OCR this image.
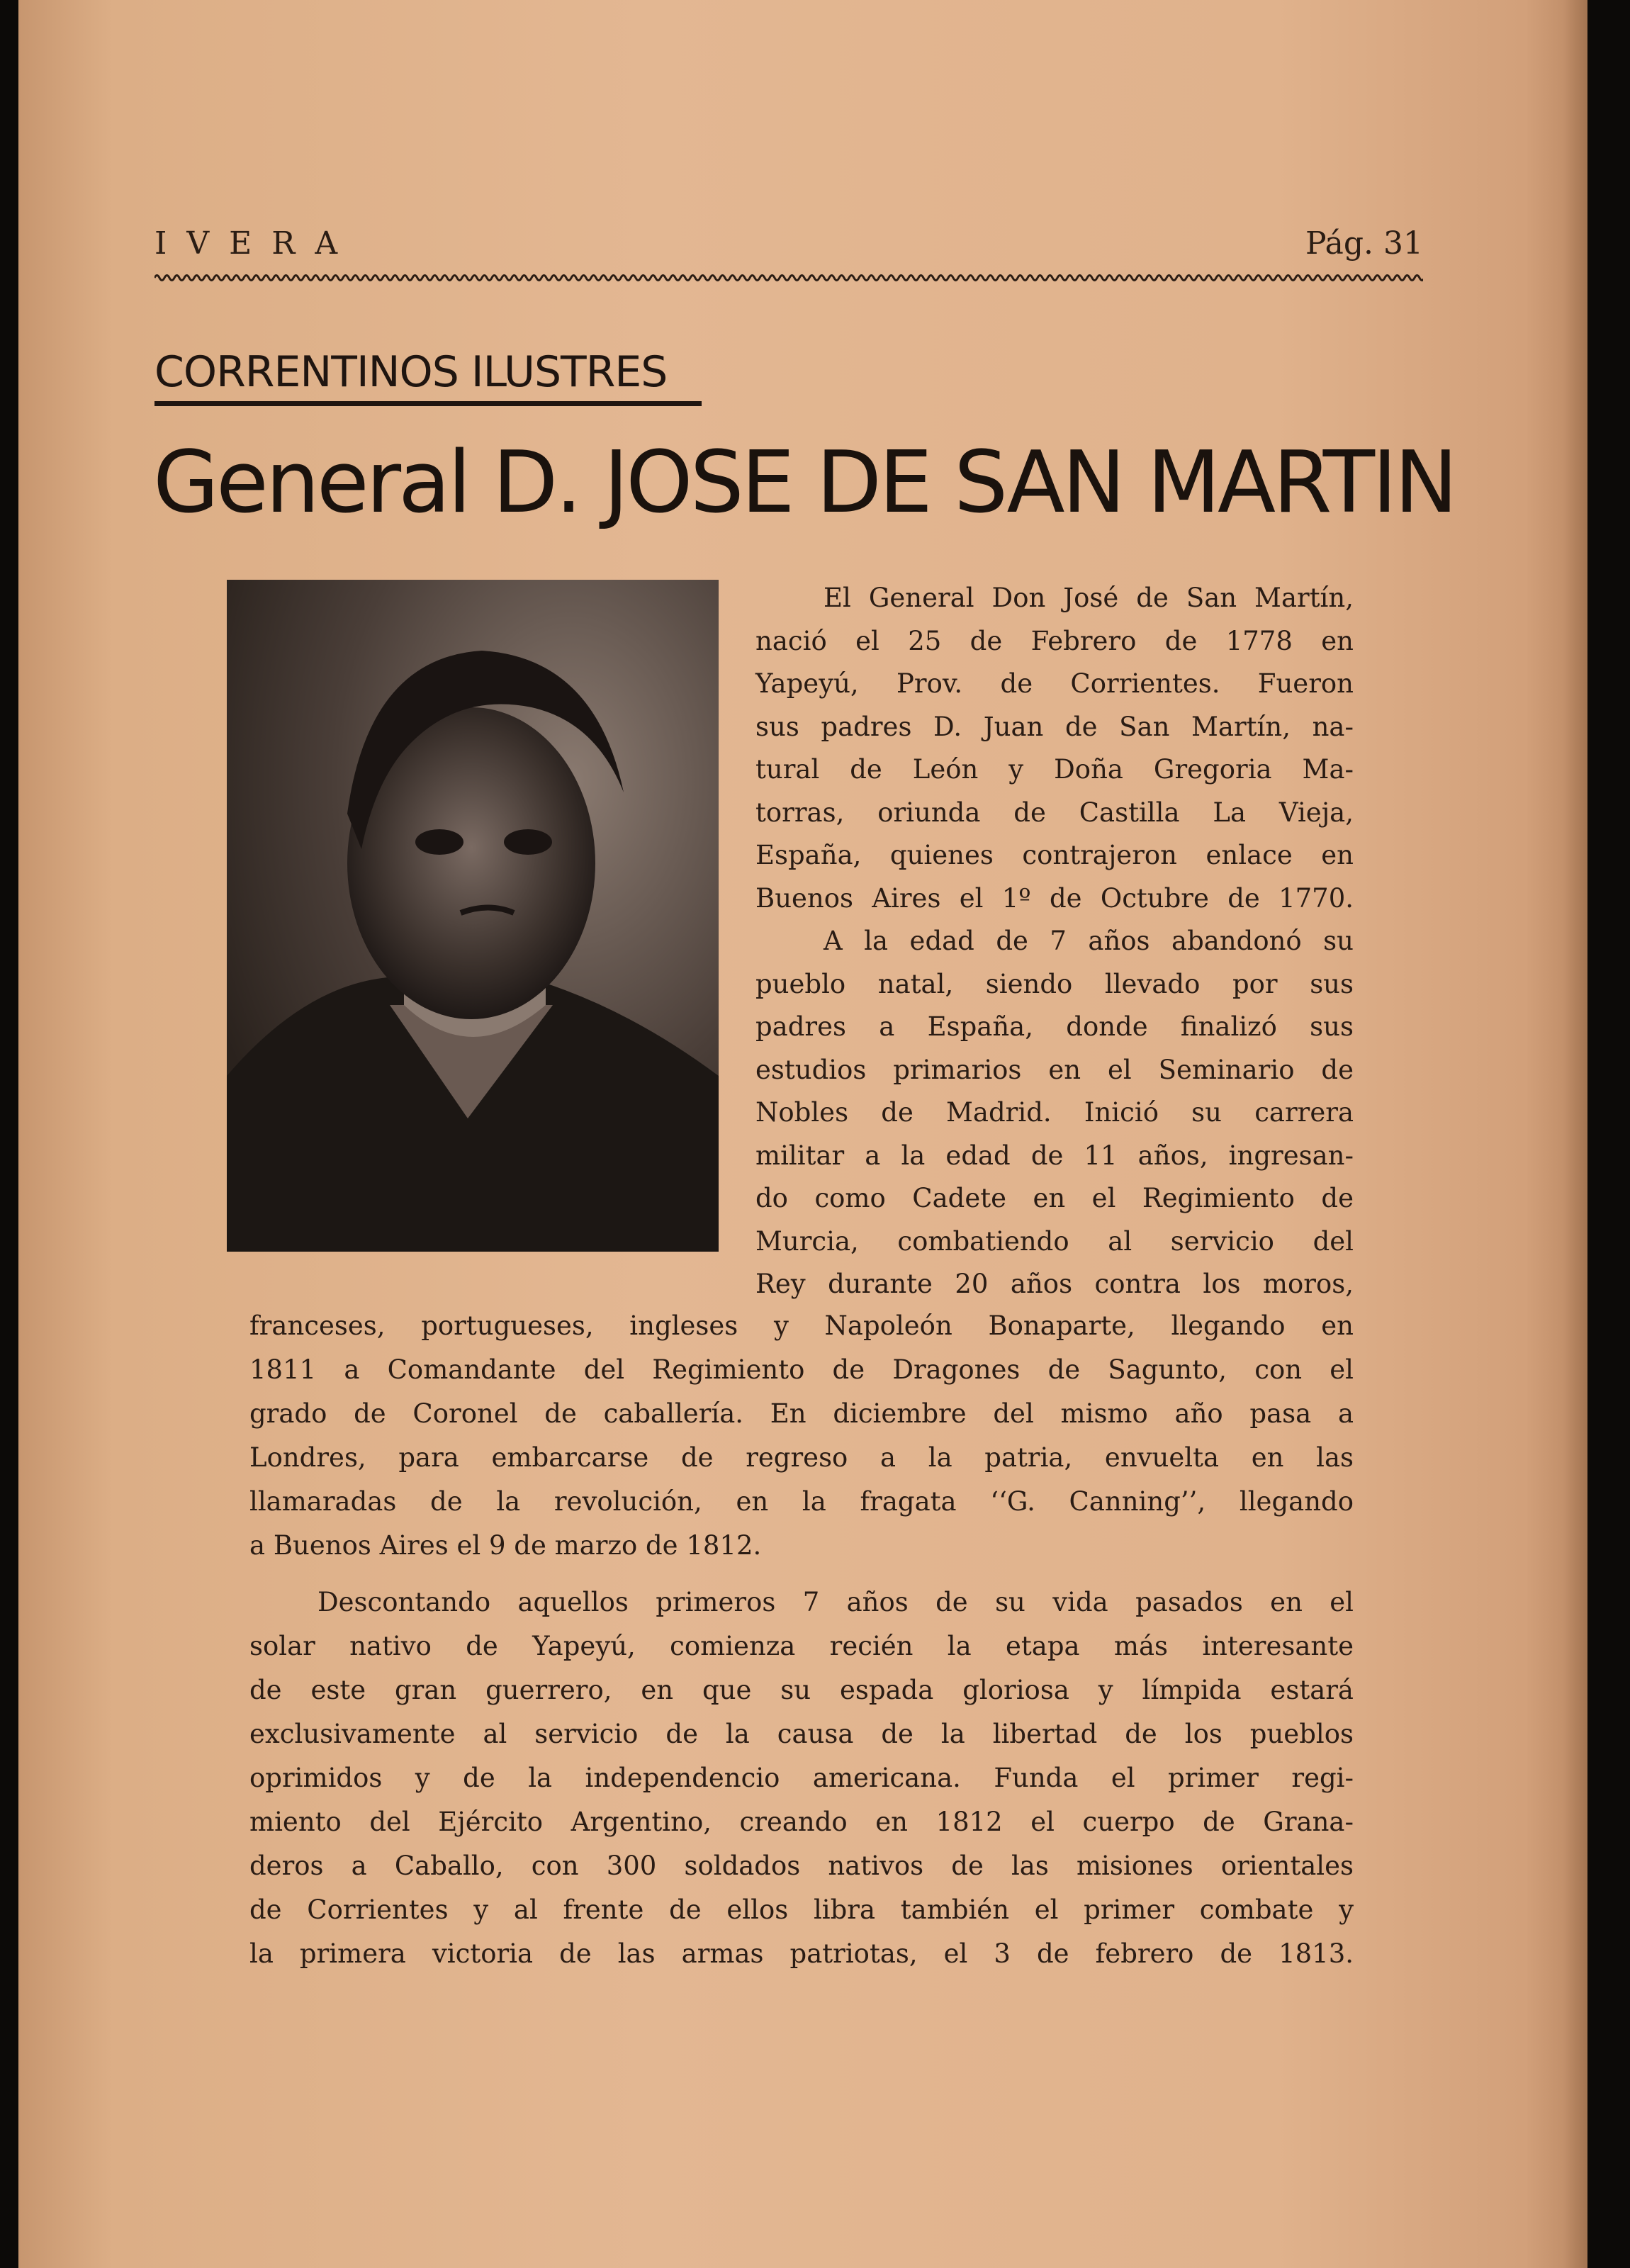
IVERA	Pág. 31
CORRENTINOS ILUSTRES
General D. JOSE DE SAN MARTIN

El General Don José de San Martín,
nació el 25 de Febrero de 1778 en
Yapeyú, Prov. de Corrientes. Fueron
sus padres D. Juan de San Martín, na-
tural de León y Doña Gregoria Ma-
torras, oriunda de Castilla La Vieja,
España, quienes contrajeron enlace en
Buenos Aires el 1º de Octubre de 1770.
A la edad de 7 años abandonó su
pueblo natal, siendo llevado por sus
padres a España, donde finalizó sus
estudios primarios en el Seminario de
Nobles de Madrid. Inició su carrera
militar a la edad de 11 años, ingresan-
do como Cadete en el Regimiento de
Murcia, combatiendo al servicio del
Rey durante 20 años contra los moros,

franceses, portugueses, ingleses y Napoleón Bonaparte, llegando en
1811 a Comandante del Regimiento de Dragones de Sagunto, con el
grado de Coronel de caballería. En diciembre del mismo año pasa a
Londres, para embarcarse de regreso a la patria, envuelta en las
llamaradas de la revolución, en la fragata ‘‘G. Canning’’, llegando
a Buenos Aires el 9 de marzo de 1812.

Descontando aquellos primeros 7 años de su vida pasados en el
solar nativo de Yapeyú, comienza recién la etapa más interesante
de este gran guerrero, en que su espada gloriosa y límpida estará
exclusivamente al servicio de la causa de la libertad de los pueblos
oprimidos y de la independencio americana. Funda el primer regi-
miento del Ejército Argentino, creando en 1812 el cuerpo de Grana-
deros a Caballo, con 300 soldados nativos de las misiones orientales
de Corrientes y al frente de ellos libra también el primer combate y
la primera victoria de las armas patriotas, el 3 de febrero de 1813.
